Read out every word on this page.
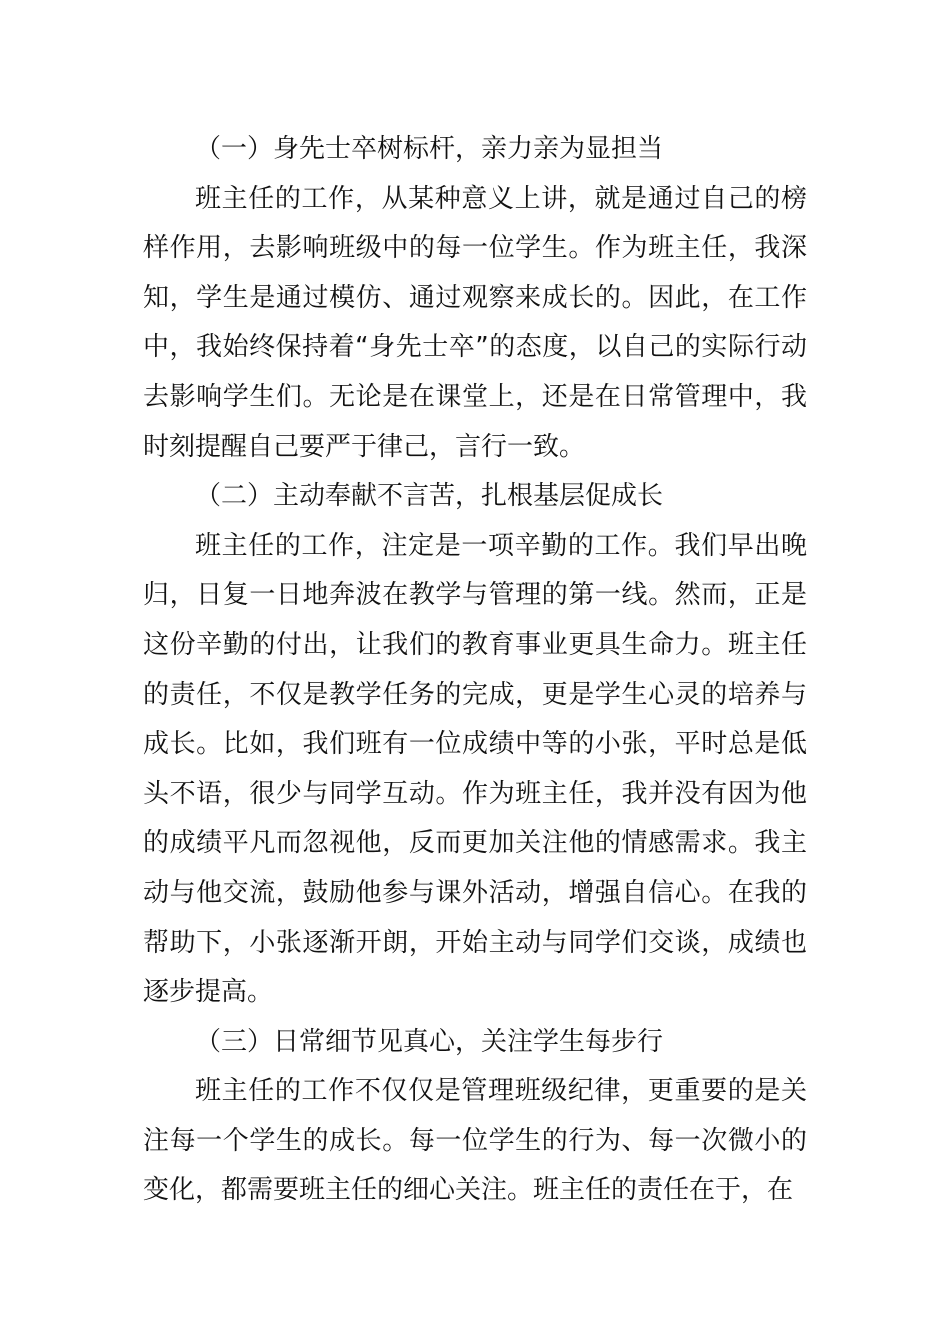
（一）身先士卒树标杆，亲力亲为显担当

班主任的工作，从某种意义上讲，就是通过自己的榜样作用，去影响班级中的每一位学生。作为班主任，我深知，学生是通过模仿、通过观察来成长的。因此，在工作中，我始终保持着“身先士卒”的态度，以自己的实际行动去影响学生们。无论是在课堂上，还是在日常管理中，我时刻提醒自己要严于律己，言行一致。

（二）主动奉献不言苦，扎根基层促成长

班主任的工作，注定是一项辛勤的工作。我们早出晚归，日复一日地奔波在教学与管理的第一线。然而，正是这份辛勤的付出，让我们的教育事业更具生命力。班主任的责任，不仅是教学任务的完成，更是学生心灵的培养与成长。比如，我们班有一位成绩中等的小张，平时总是低头不语，很少与同学互动。作为班主任，我并没有因为他的成绩平凡而忽视他，反而更加关注他的情感需求。我主动与他交流，鼓励他参与课外活动，增强自信心。在我的帮助下，小张逐渐开朗，开始主动与同学们交谈，成绩也逐步提高。

（三）日常细节见真心，关注学生每步行

班主任的工作不仅仅是管理班级纪律，更重要的是关注每一个学生的成长。每一位学生的行为、每一次微小的变化，都需要班主任的细心关注。班主任的责任在于，在
